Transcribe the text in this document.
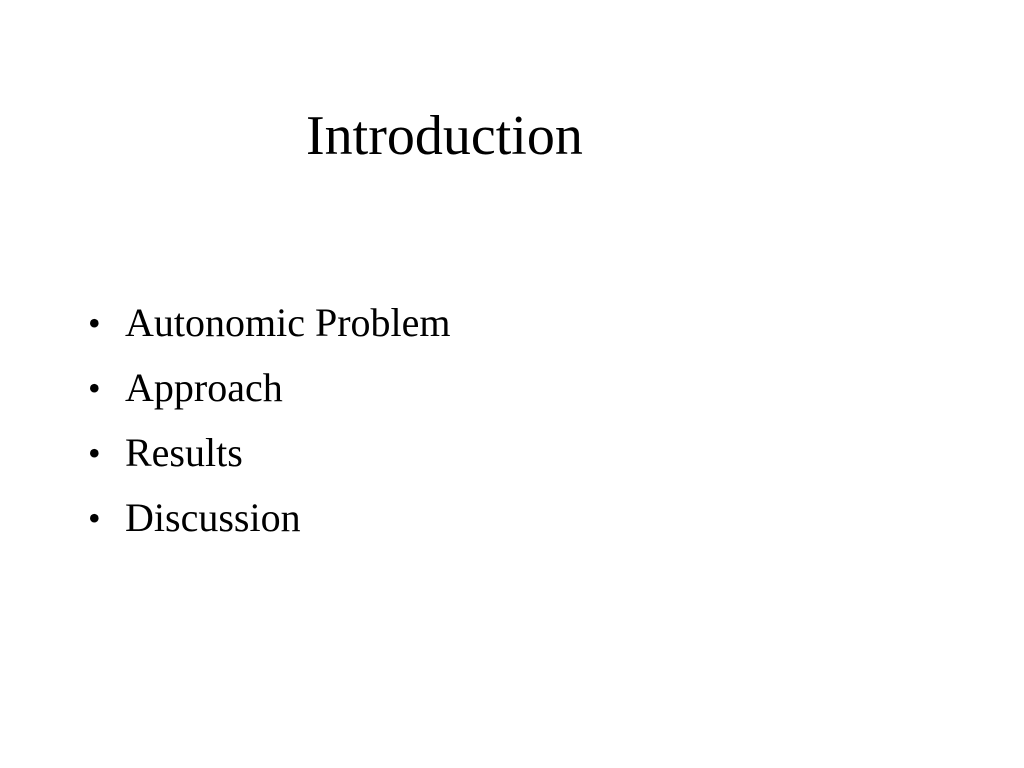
Introduction
• Autonomic Problem
• Approach
• Results
• Discussion
